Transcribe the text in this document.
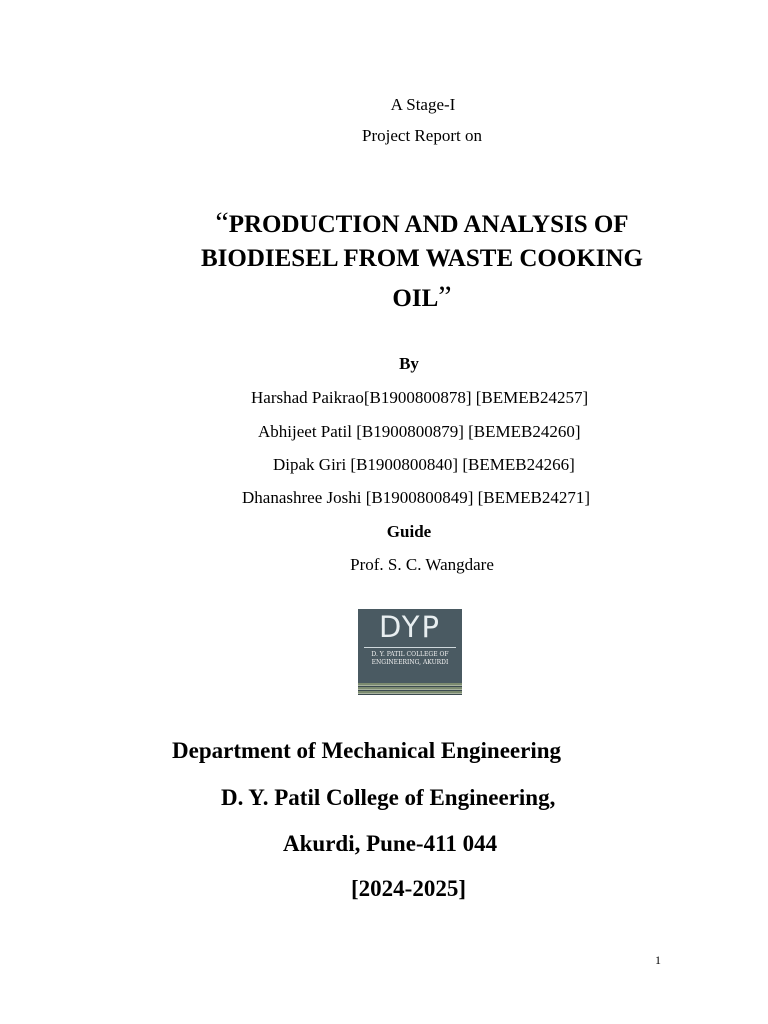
A Stage-I
Project Report on
“PRODUCTION AND ANALYSIS OF
BIODIESEL FROM WASTE COOKING
OIL”
By
Harshad Paikrao[B1900800878] [BEMEB24257]
Abhijeet Patil [B1900800879] [BEMEB24260]
Dipak Giri [B1900800840] [BEMEB24266]
Dhanashree Joshi [B1900800849] [BEMEB24271]
Guide
Prof. S. C. Wangdare
DYP
D. Y. PATIL COLLEGE OF ENGINEERING, AKURDI
Department of Mechanical Engineering
D. Y. Patil College of Engineering,
Akurdi, Pune-411 044
[2024-2025]
1
